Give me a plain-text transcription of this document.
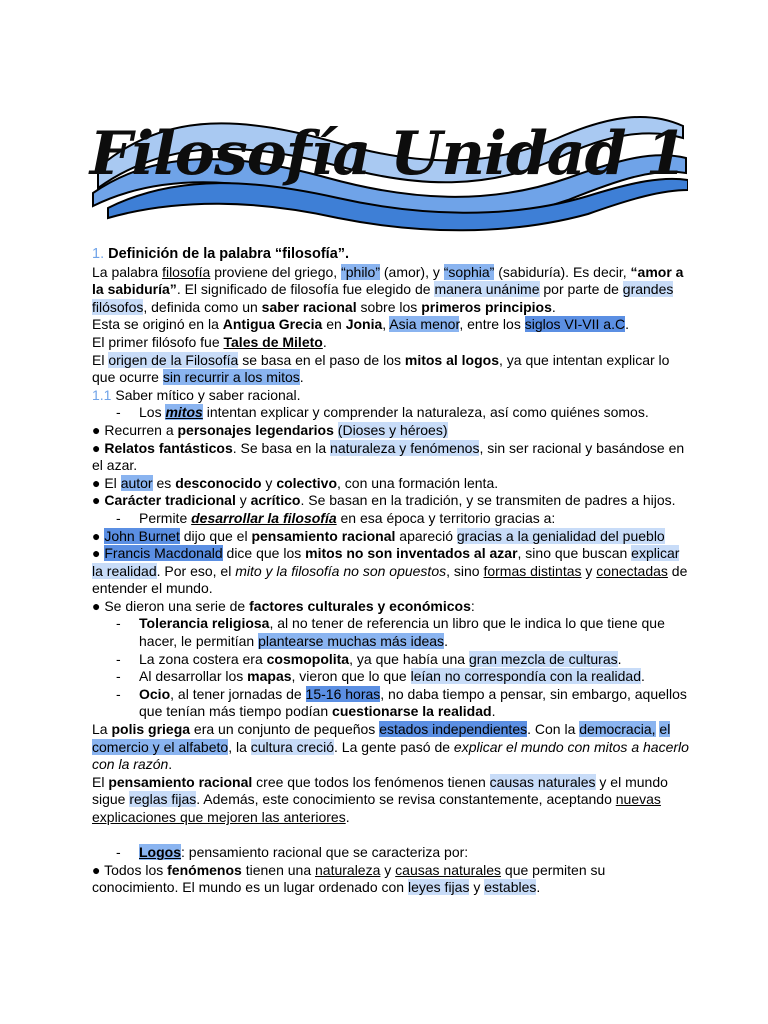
Filosofía Unidad 1

1. Definición de la palabra “filosofía”.

La palabra filosofía proviene del griego, “philo” (amor), y “sophia” (sabiduría). Es decir, “amor a la sabiduría”. El significado de filosofía fue elegido de manera unánime por parte de grandes filósofos, definida como un saber racional sobre los primeros principios.

Esta se originó en la Antigua Grecia en Jonia, Asia menor, entre los siglos VI-VII a.C.

El primer filósofo fue Tales de Mileto.

El origen de la Filosofía se basa en el paso de los mitos al logos, ya que intentan explicar lo que ocurre sin recurrir a los mitos.

1.1 Saber mítico y saber racional.

- Los mitos intentan explicar y comprender la naturaleza, así como quiénes somos.

● Recurren a personajes legendarios (Dioses y héroes)

● Relatos fantásticos. Se basa en la naturaleza y fenómenos, sin ser racional y basándose en el azar.

● El autor es desconocido y colectivo, con una formación lenta.

● Carácter tradicional y acrítico. Se basan en la tradición, y se transmiten de padres a hijos.

- Permite desarrollar la filosofía en esa época y territorio gracias a:

● John Burnet dijo que el pensamiento racional apareció gracias a la genialidad del pueblo

● Francis Macdonald dice que los mitos no son inventados al azar, sino que buscan explicar la realidad. Por eso, el mito y la filosofía no son opuestos, sino formas distintas y conectadas de entender el mundo.

● Se dieron una serie de factores culturales y económicos:

- Tolerancia religiosa, al no tener de referencia un libro que le indica lo que tiene que hacer, le permitían plantearse muchas más ideas.

- La zona costera era cosmopolita, ya que había una gran mezcla de culturas.

- Al desarrollar los mapas, vieron que lo que leían no correspondía con la realidad.

- Ocio, al tener jornadas de 15-16 horas, no daba tiempo a pensar, sin embargo, aquellos que tenían más tiempo podían cuestionarse la realidad.

La polis griega era un conjunto de pequeños estados independientes. Con la democracia, el comercio y el alfabeto, la cultura creció. La gente pasó de explicar el mundo con mitos a hacerlo con la razón.

El pensamiento racional cree que todos los fenómenos tienen causas naturales y el mundo sigue reglas fijas. Además, este conocimiento se revisa constantemente, aceptando nuevas explicaciones que mejoren las anteriores.

- Logos: pensamiento racional que se caracteriza por:

● Todos los fenómenos tienen una naturaleza y causas naturales que permiten su conocimiento. El mundo es un lugar ordenado con leyes fijas y estables.
